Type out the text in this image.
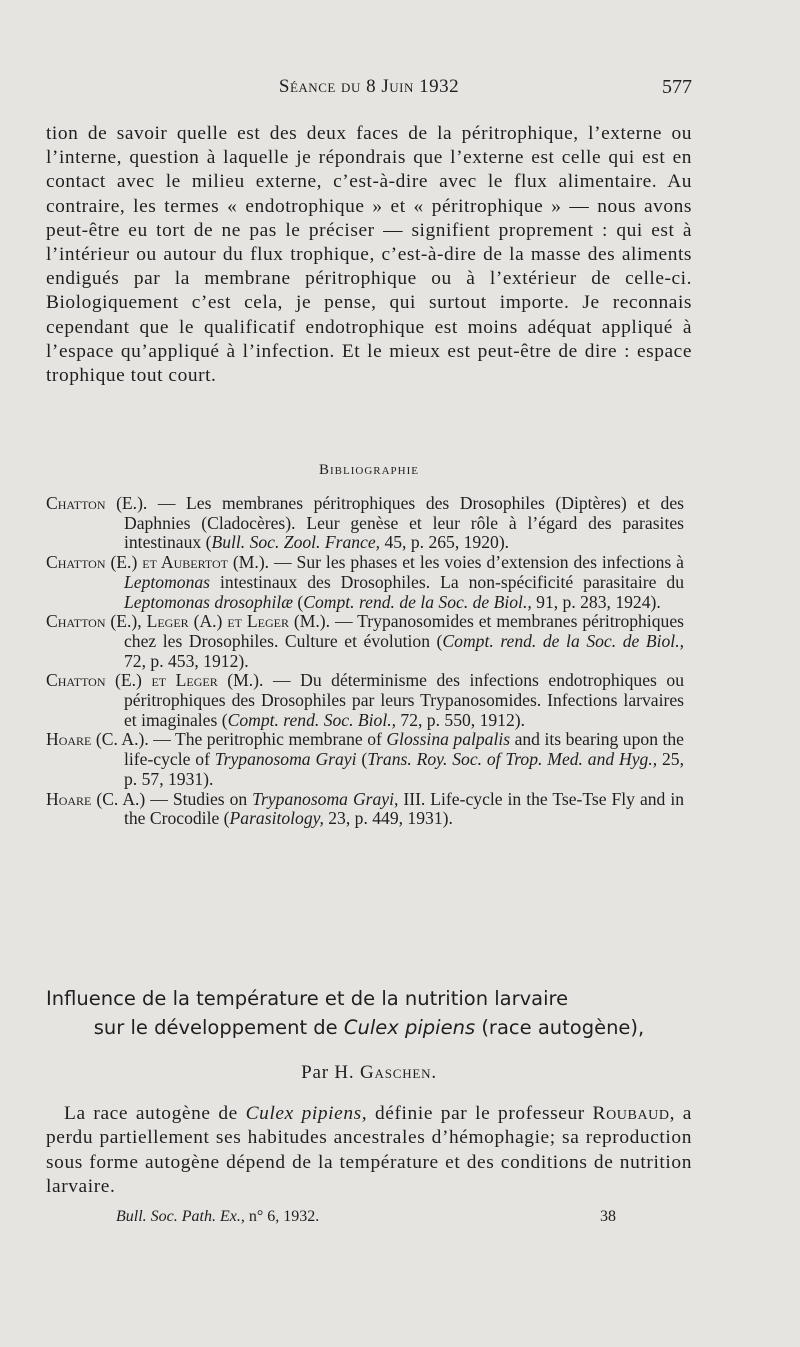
Séance du 8 Juin 1932	577

tion de savoir quelle est des deux faces de la péritrophique, l’externe ou l’interne, question à laquelle je répondrais que l’externe est celle qui est en contact avec le milieu externe, c’est-à-dire avec le flux alimentaire. Au contraire, les termes « endotrophique » et « péritrophique » — nous avons peut-être eu tort de ne pas le préciser — signifient proprement : qui est à l’intérieur ou autour du flux trophique, c’est-à-dire de la masse des aliments endigués par la membrane péritrophique ou à l’extérieur de celle-ci. Biologiquement c’est cela, je pense, qui surtout importe. Je reconnais cependant que le qualificatif endotrophique est moins adéquat appliqué à l’espace qu’appliqué à l’infection. Et le mieux est peut-être de dire : espace trophique tout court.

Bibliographie

Chatton (E.). — Les membranes péritrophiques des Drosophiles (Diptères) et des Daphnies (Cladocères). Leur genèse et leur rôle à l’égard des parasites intestinaux (Bull. Soc. Zool. France, 45, p. 265, 1920).

Chatton (E.) et Aubertot (M.). — Sur les phases et les voies d’extension des infections à Leptomonas intestinaux des Drosophiles. La non-spécificité parasitaire du Leptomonas drosophilæ (Compt. rend. de la Soc. de Biol., 91, p. 283, 1924).

Chatton (E.), Leger (A.) et Leger (M.). — Trypanosomides et membranes péritrophiques chez les Drosophiles. Culture et évolution (Compt. rend. de la Soc. de Biol., 72, p. 453, 1912).

Chatton (E.) et Leger (M.). — Du déterminisme des infections endotrophiques ou péritrophiques des Drosophiles par leurs Trypanosomides. Infections larvaires et imaginales (Compt. rend. Soc. Biol., 72, p. 550, 1912).

Hoare (C. A.). — The peritrophic membrane of Glossina palpalis and its bearing upon the life-cycle of Trypanosoma Grayi (Trans. Roy. Soc. of Trop. Med. and Hyg., 25, p. 57, 1931).

Hoare (C. A.) — Studies on Trypanosoma Grayi, III. Life-cycle in the Tse-Tse Fly and in the Crocodile (Parasitology, 23, p. 449, 1931).

Influence de la température et de la nutrition larvaire
sur le développement de Culex pipiens (race autogène),
Par H. Gaschen.

La race autogène de Culex pipiens, définie par le professeur Roubaud, a perdu partiellement ses habitudes ancestrales d’hémophagie; sa reproduction sous forme autogène dépend de la température et des conditions de nutrition larvaire.

Bull. Soc. Path. Ex., n° 6, 1932.	38
